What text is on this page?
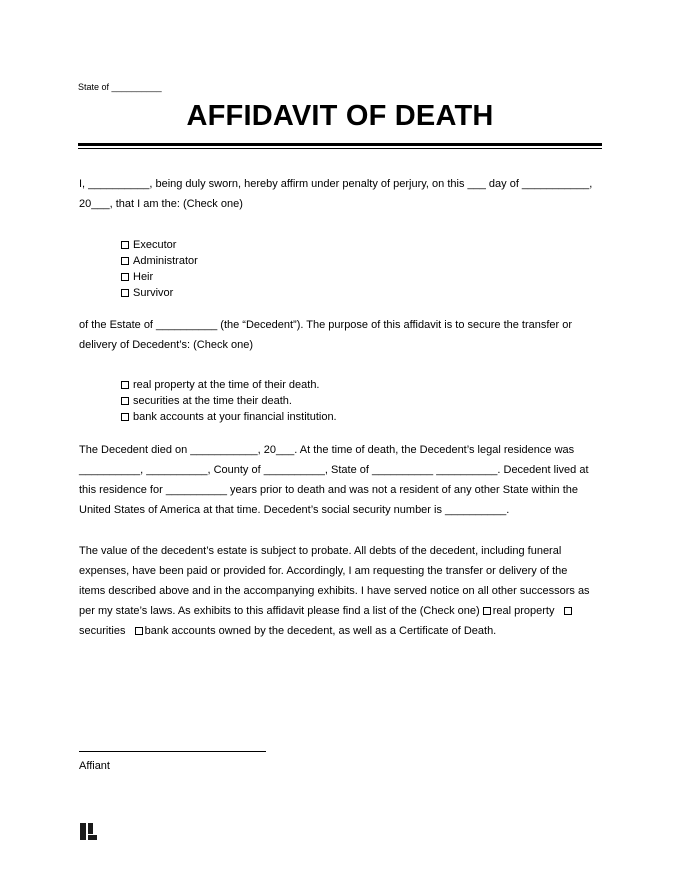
State of __________
AFFIDAVIT OF DEATH

I, __________, being duly sworn, hereby affirm under penalty of perjury, on this ___ day of ___________,
20___, that I am the: (Check one)

Executor
Administrator
Heir
Survivor

of the Estate of __________ (the “Decedent”). The purpose of this affidavit is to secure the transfer or
delivery of Decedent’s: (Check one)

real property at the time of their death.
securities at the time their death.
bank accounts at your financial institution.

The Decedent died on ___________, 20___. At the time of death, the Decedent’s legal residence was
__________, __________, County of __________, State of __________ __________. Decedent lived at
this residence for __________ years prior to death and was not a resident of any other State within the
United States of America at that time. Decedent’s social security number is __________.

The value of the decedent’s estate is subject to probate. All debts of the decedent, including funeral
expenses, have been paid or provided for. Accordingly, I am requesting the transfer or delivery of the
items described above and in the accompanying exhibits. I have served notice on all other successors as
per my state’s laws. As exhibits to this affidavit please find a list of the (Check one) real property
securities bank accounts owned by the decedent, as well as a Certificate of Death.

Affiant
